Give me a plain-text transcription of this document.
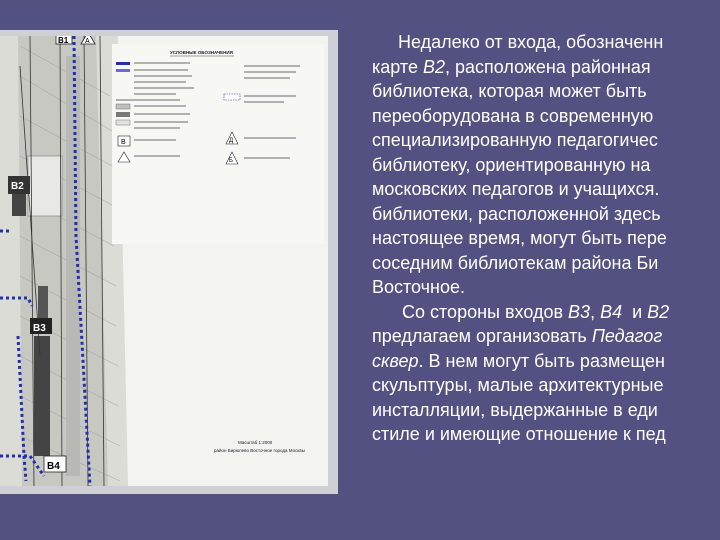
B1 A
B2
B3
B4
УСЛОВНЫЕ ОБОЗНАЧЕНИЯ
B	Д
Б
Масштаб 1:2000
район Бирюлево Восточное города Москвы

Недалеко от входа, обозначенн

карте B2, расположена районная

библиотека, которая может быть

переоборудована в современную

специализированную педагогичес

библиотеку, ориентированную на

московских педагогов и учащихся.

библиотеки, расположенной здесь

настоящее время, могут быть пере

соседним библиотекам района Би

Восточное.

Со стороны входов B3, B4  и B2

предлагаем организовать Педагог

сквер. В нем могут быть размещен

скульптуры, малые архитектурные

инсталляции, выдержанные в еди

стиле и имеющие отношение к пед
